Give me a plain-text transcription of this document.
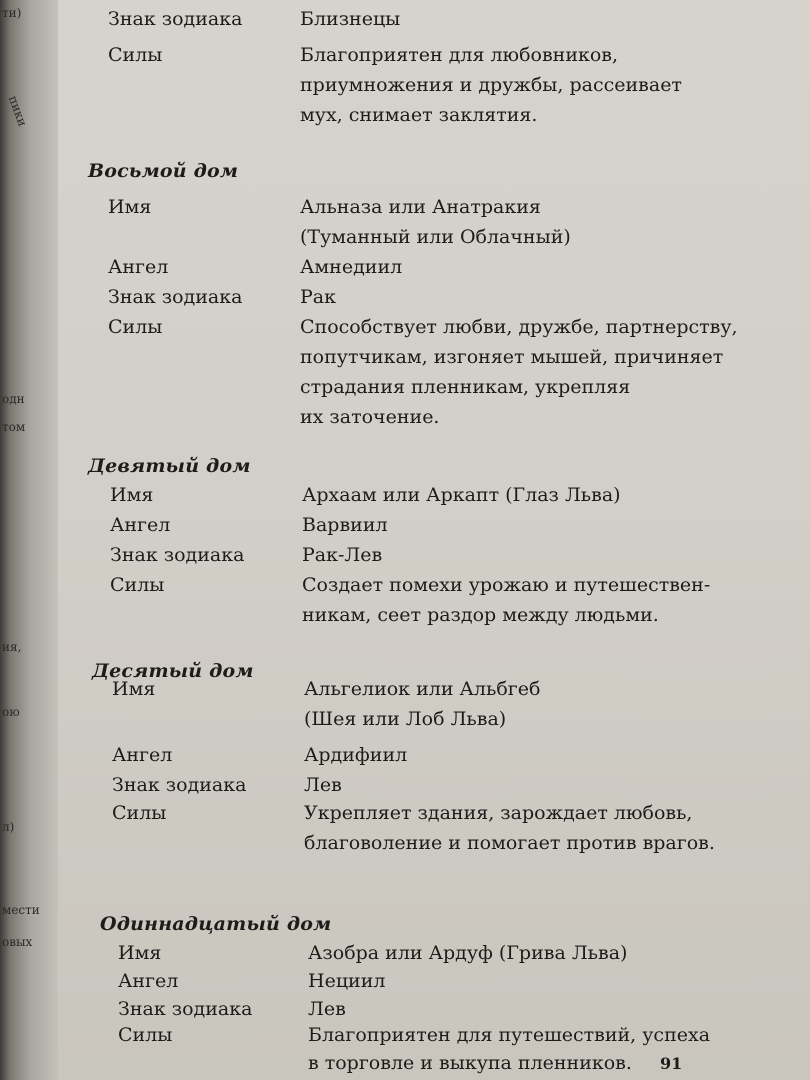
ти)
пики
одн
том
ия,
ою
л)
мести
овых
Знак зодиака	Близнецы
Силы	Благоприятен для любовников,
приумножения и дружбы, рассеивает
мух, снимает заклятия.
Восьмой дом
Имя	Альназа или Анатракия
(Туманный или Облачный)
Ангел	Амнедиил
Знак зодиака	Рак
Силы	Способствует любви, дружбе, партнерству,
попутчикам, изгоняет мышей, причиняет
страдания пленникам, укрепляя
их заточение.
Девятый дом
Имя	Архаам или Аркапт (Глаз Льва)
Ангел	Варвиил
Знак зодиака	Рак-Лев
Силы	Создает помехи урожаю и путешествен-
никам, сеет раздор между людьми.
Десятый дом
Имя	Альгелиок или Альбгеб
(Шея или Лоб Льва)
Ангел	Ардифиил
Знак зодиака	Лев
Силы	Укрепляет здания, зарождает любовь,
благоволение и помогает против врагов.
Одиннадцатый дом
Имя	Азобра или Ардуф (Грива Льва)
Ангел	Нециил
Знак зодиака	Лев
Силы	Благоприятен для путешествий, успеха
в торговле и выкупа пленников.	91
